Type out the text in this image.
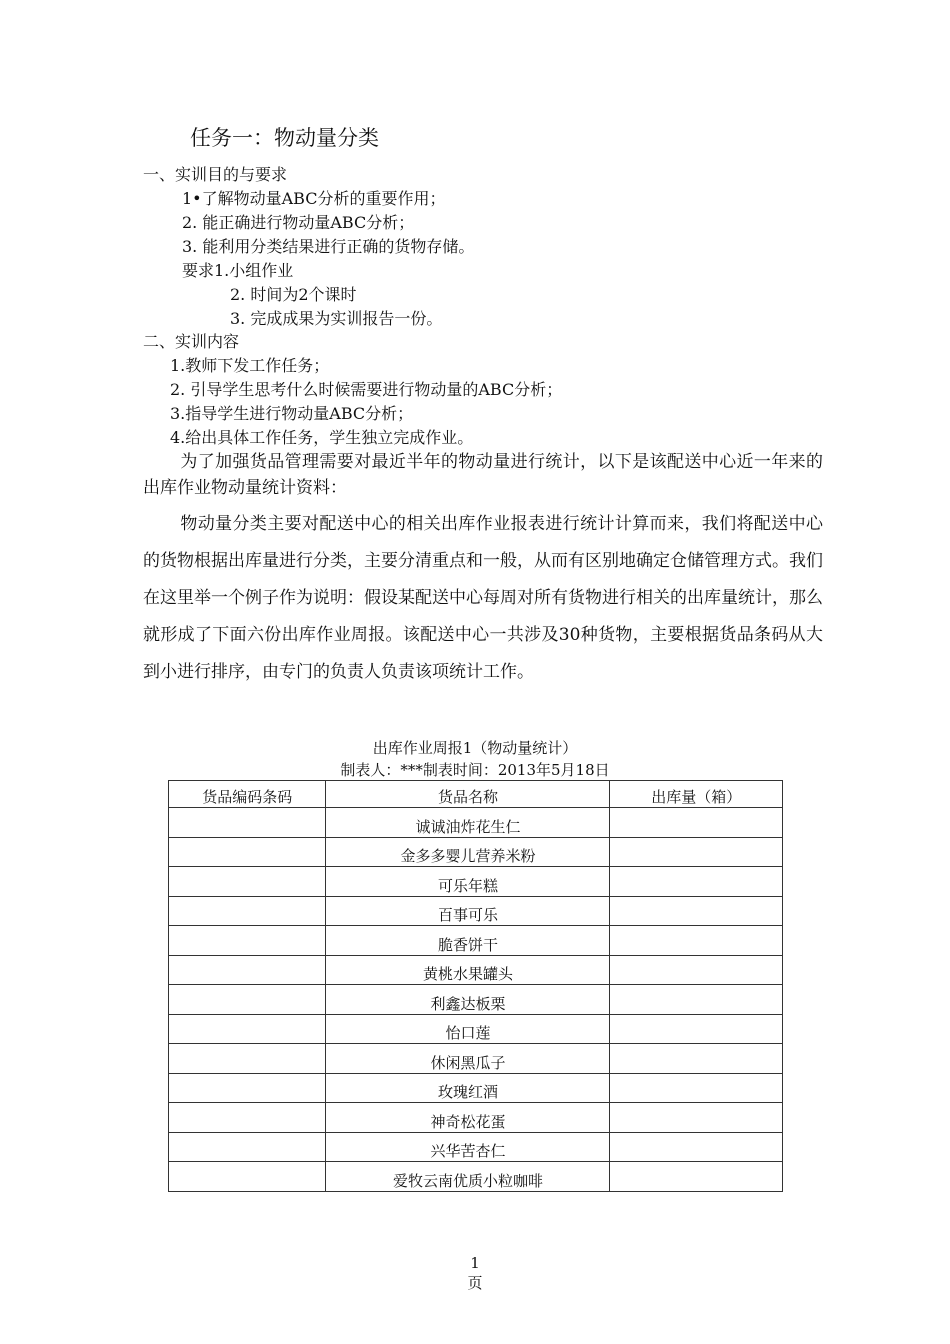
任务一：物动量分类
一、实训目的与要求
1•了解物动量ABC分析的重要作用；
2. 能正确进行物动量ABC分析；
3. 能利用分类结果进行正确的货物存储。
要求1.小组作业
2. 时间为2个课时
3. 完成成果为实训报告一份。
二、实训内容
1.教师下发工作任务；
2. 引导学生思考什么时候需要进行物动量的ABC分析；
3.指导学生进行物动量ABC分析；
4.给出具体工作任务，学生独立完成作业。
为了加强货品管理需要对最近半年的物动量进行统计，以下是该配送中心近一年来的出库作业物动量统计资料：
物动量分类主要对配送中心的相关出库作业报表进行统计计算而来，我们将配送中心的货物根据出库量进行分类，主要分清重点和一般，从而有区别地确定仓储管理方式。我们在这里举一个例子作为说明：假设某配送中心每周对所有货物进行相关的出库量统计，那么就形成了下面六份出库作业周报。该配送中心一共涉及30种货物，主要根据货品条码从大到小进行排序，由专门的负责人负责该项统计工作。
出库作业周报1（物动量统计）
制表人：***制表时间：2013年5月18日
货品编码条码	货品名称	出库量（箱）
	诚诚油炸花生仁	
	金多多婴儿营养米粉	
	可乐年糕	
	百事可乐	
	脆香饼干	
	黄桃水果罐头	
	利鑫达板栗	
	怡口莲	
	休闲黑瓜子	
	玫瑰红酒	
	神奇松花蛋	
	兴华苦杏仁	
	爱牧云南优质小粒咖啡	
1
页
